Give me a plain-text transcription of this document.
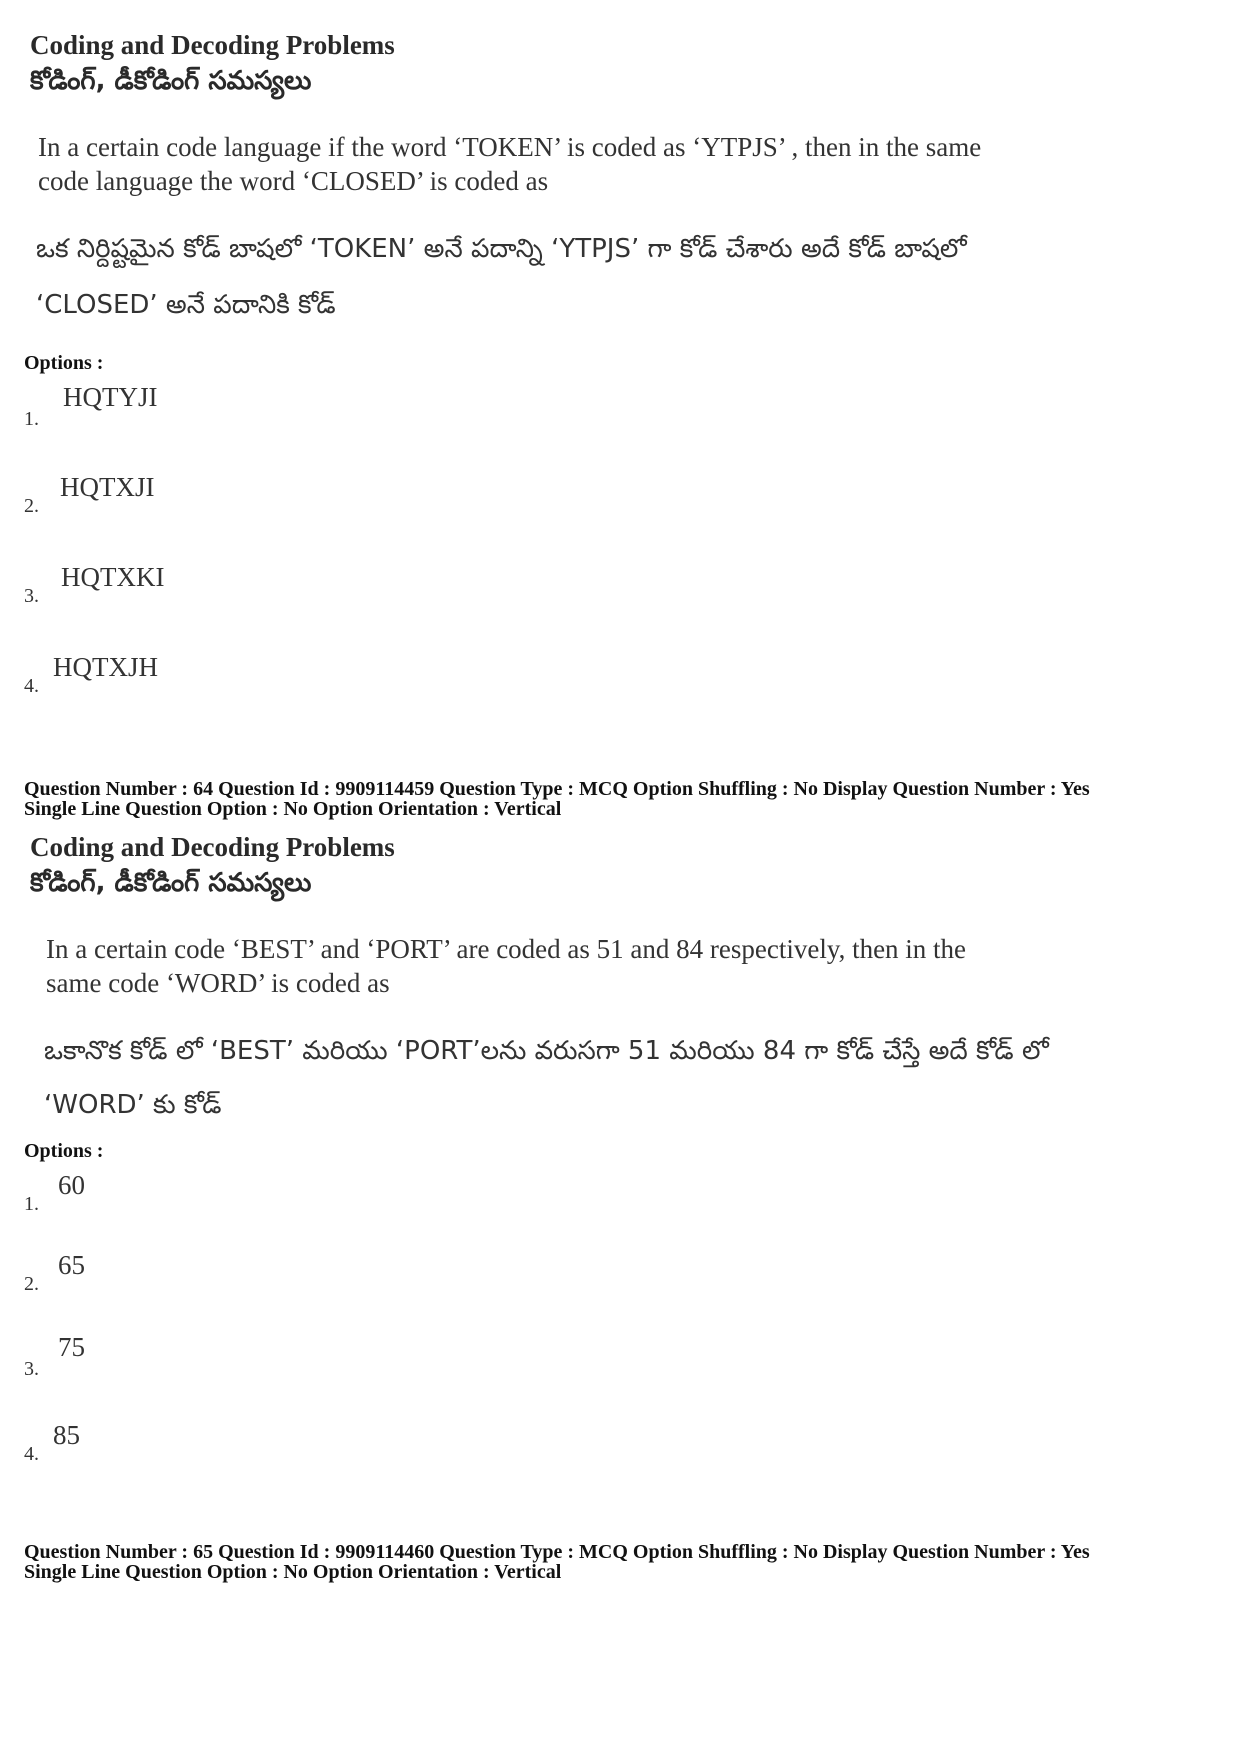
Coding and Decoding Problems
కోడింగ్, డీకోడింగ్ సమస్యలు
In a certain code language if the word ‘TOKEN’ is coded as ‘YTPJS’ , then in the same
code language the word ‘CLOSED’ is coded as
ఒక నిర్దిష్టమైన కోడ్ బాషలో ‘TOKEN’ అనే పదాన్ని ‘YTPJS’ గా కోడ్ చేశారు అదే కోడ్ బాషలో
‘CLOSED’ అనే పదానికి కోడ్
Options :
1.
HQTYJI
2.
HQTXJI
3.
HQTXKI
4.
HQTXJH
Question Number : 64 Question Id : 9909114459 Question Type : MCQ Option Shuffling : No Display Question Number : Yes
Single Line Question Option : No Option Orientation : Vertical
Coding and Decoding Problems
కోడింగ్, డీకోడింగ్ సమస్యలు
In a certain code ‘BEST’ and ‘PORT’ are coded as 51 and 84 respectively, then in the
same code ‘WORD’ is coded as
ఒకానొక కోడ్ లో ‘BEST’ మరియు ‘PORT’లను వరుసగా 51 మరియు 84 గా కోడ్ చేస్తే అదే కోడ్ లో
‘WORD’ కు కోడ్
Options :
1.
60
2.
65
3.
75
4.
85
Question Number : 65 Question Id : 9909114460 Question Type : MCQ Option Shuffling : No Display Question Number : Yes
Single Line Question Option : No Option Orientation : Vertical
